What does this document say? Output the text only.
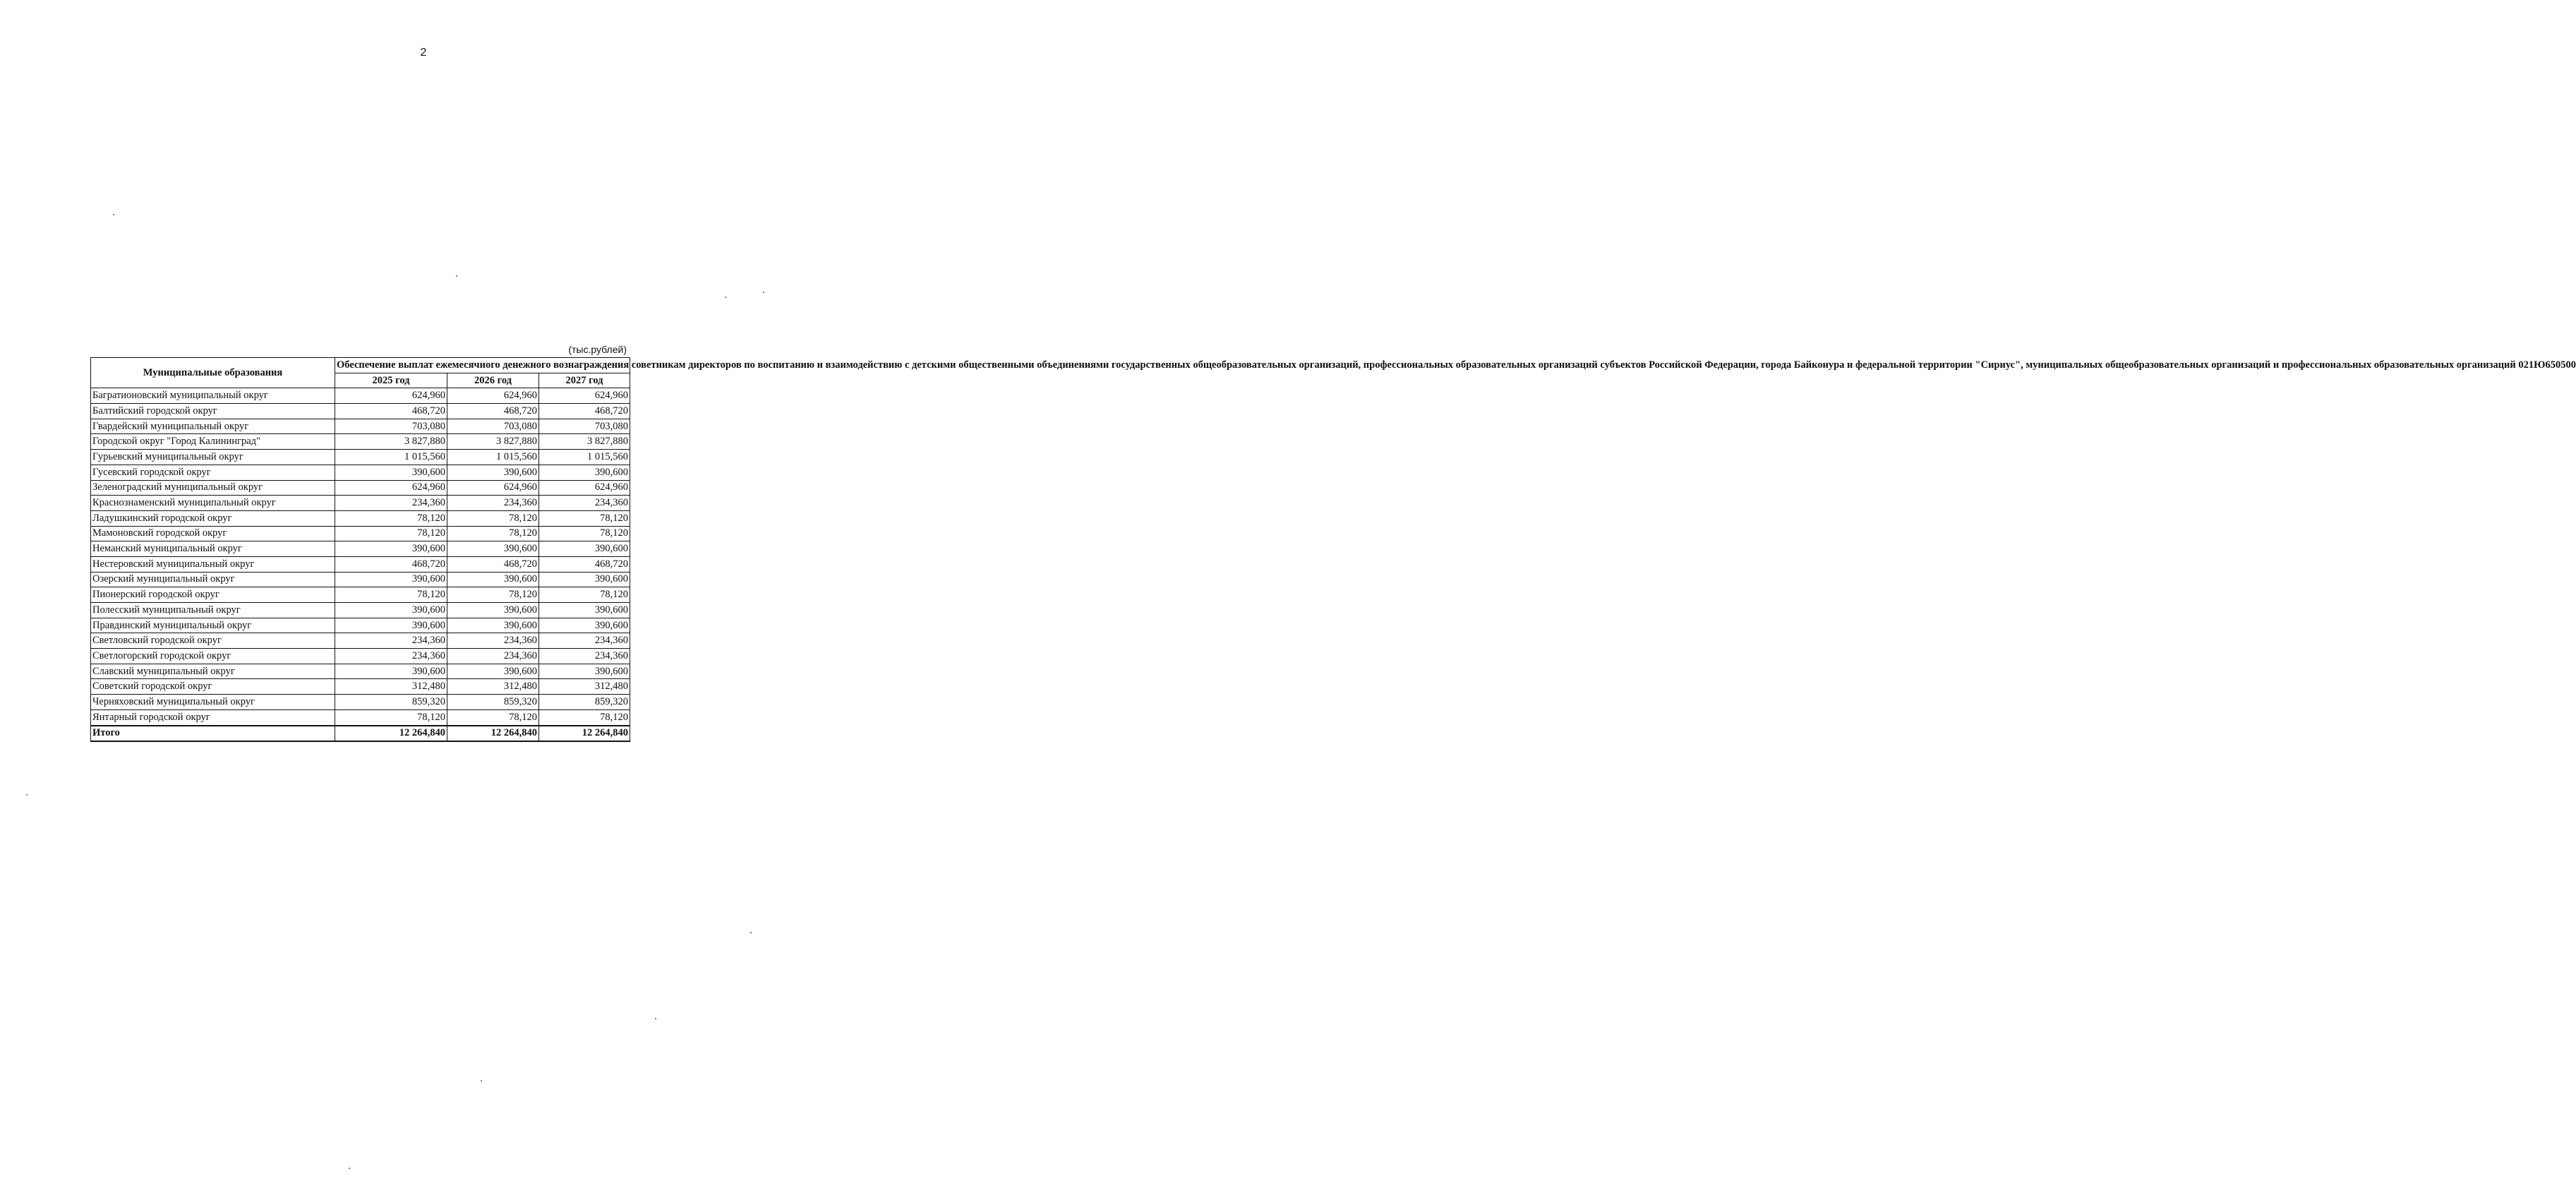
2
(тыс.рублей)
Муниципальные образования	Обеспечение выплат ежемесячного денежного вознаграждения советникам директоров по воспитанию и взаимодействию с детскими общественными объединениями государственных общеобразовательных организаций, профессиональных образовательных организаций субъектов Российской Федерации, города Байконура и федеральной территории "Сириус", муниципальных общеобразовательных организаций и профессиональных образовательных организаций 021Ю650500		
	2025 год	2026 год	2027 год
Багратионовский муниципальный округ	624,960	624,960	624,960
Балтийский городской округ	468,720	468,720	468,720
Гвардейский муниципальный округ	703,080	703,080	703,080
Городской округ "Город Калининград"	3 827,880	3 827,880	3 827,880
Гурьевский муниципальный округ	1 015,560	1 015,560	1 015,560
Гусевский городской округ	390,600	390,600	390,600
Зеленоградский муниципальный округ	624,960	624,960	624,960
Краснознаменский муниципальный округ	234,360	234,360	234,360
Ладушкинский городской округ	78,120	78,120	78,120
Мамоновский городской округ	78,120	78,120	78,120
Неманский муниципальный округ	390,600	390,600	390,600
Нестеровский муниципальный округ	468,720	468,720	468,720
Озерский муниципальный округ	390,600	390,600	390,600
Пионерский городской округ	78,120	78,120	78,120
Полесский муниципальный округ	390,600	390,600	390,600
Правдинский муниципальный округ	390,600	390,600	390,600
Светловский городской округ	234,360	234,360	234,360
Светлогорский городской округ	234,360	234,360	234,360
Славский муниципальный округ	390,600	390,600	390,600
Советский городской округ	312,480	312,480	312,480
Черняховский муниципальный округ	859,320	859,320	859,320
Янтарный городской округ	78,120	78,120	78,120
Итого	12 264,840	12 264,840	12 264,840
